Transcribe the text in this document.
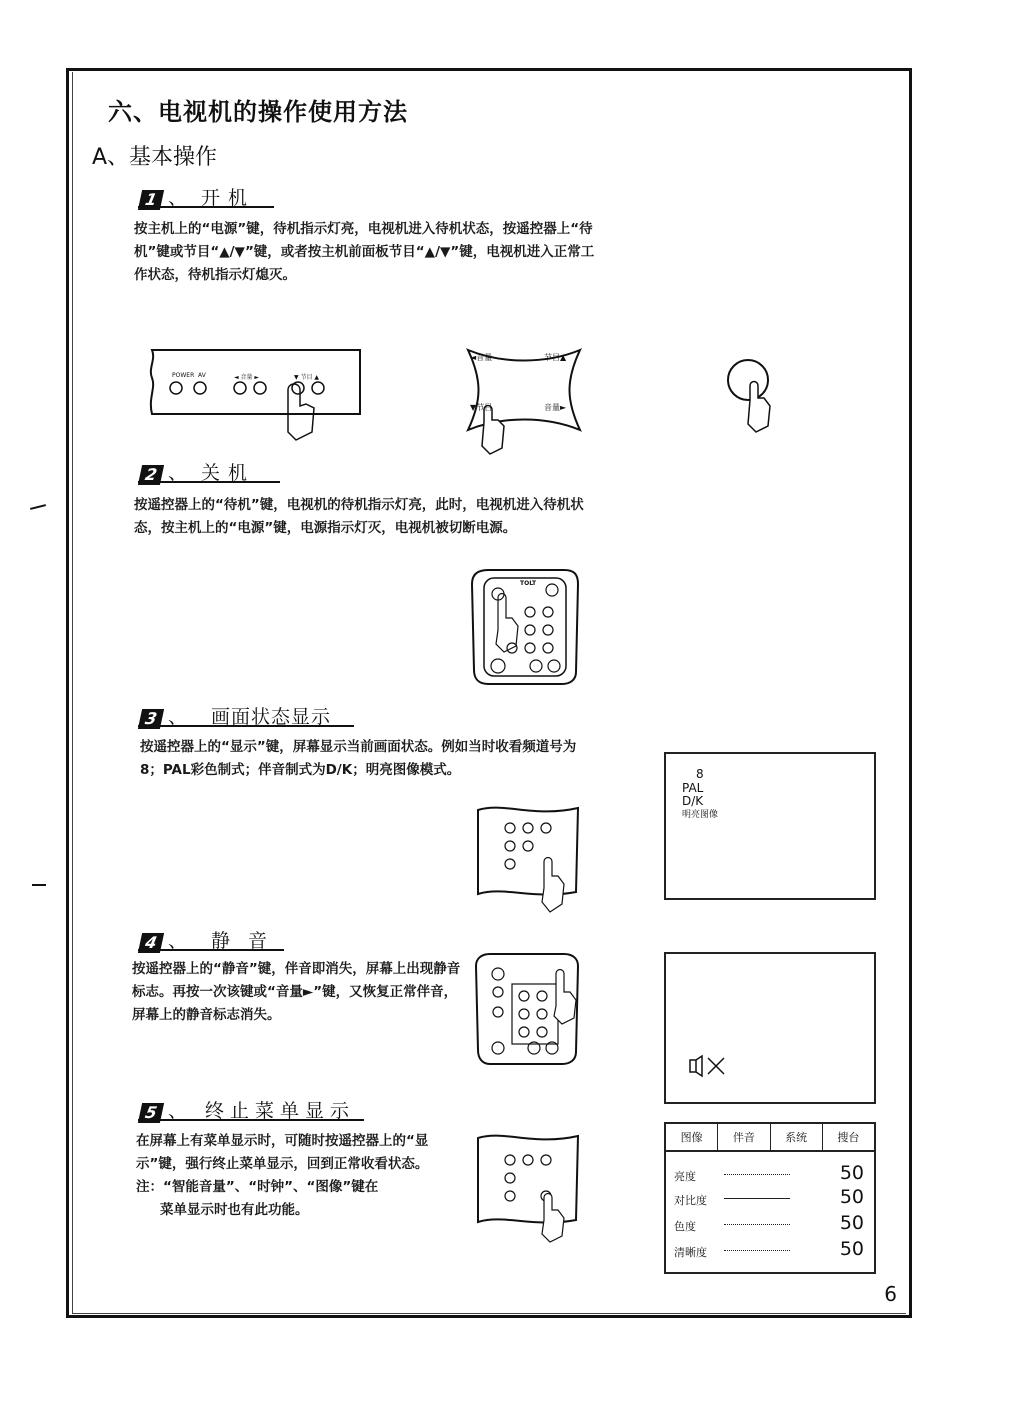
六、电视机的操作使用方法
A、基本操作
1 、 开机
按主机上的“电源”键，待机指示灯亮，电视机进入待机状态，按遥控器上“待机”键或节目“▲/▼”键，或者按主机前面板节目“▲/▼”键，电视机进入正常工作状态，待机指示灯熄灭。
POWER AV	◄ 音量 ►	▼ 节目 ▲
◄音量	节目▲
▼节目	音量►
2 、 关机
按遥控器上的“待机”键，电视机的待机指示灯亮，此时，电视机进入待机状态，按主机上的“电源”键，电源指示灯灭，电视机被切断电源。
TOLT
3 、 画面状态显示
按遥控器上的“显示”键，屏幕显示当前画面状态。例如当时收看频道号为8；PAL彩色制式；伴音制式为D/K；明亮图像模式。	8
PAL
D/K
明亮图像
4 、 静音
按遥控器上的“静音”键，伴音即消失，屏幕上出现静音标志。再按一次该键或“音量►”键，又恢复正常伴音，屏幕上的静音标志消失。
5 、 终止菜单显示
在屏幕上有菜单显示时，可随时按遥控器上的“显示”键，强行终止菜单显示，回到正常收看状态。
注：“智能音量”、“时钟”、“图像”键在
菜单显示时也有此功能。
图像	伴音	系统	搜台
亮度	50
对比度	50
色度	50
清晰度	50
6
